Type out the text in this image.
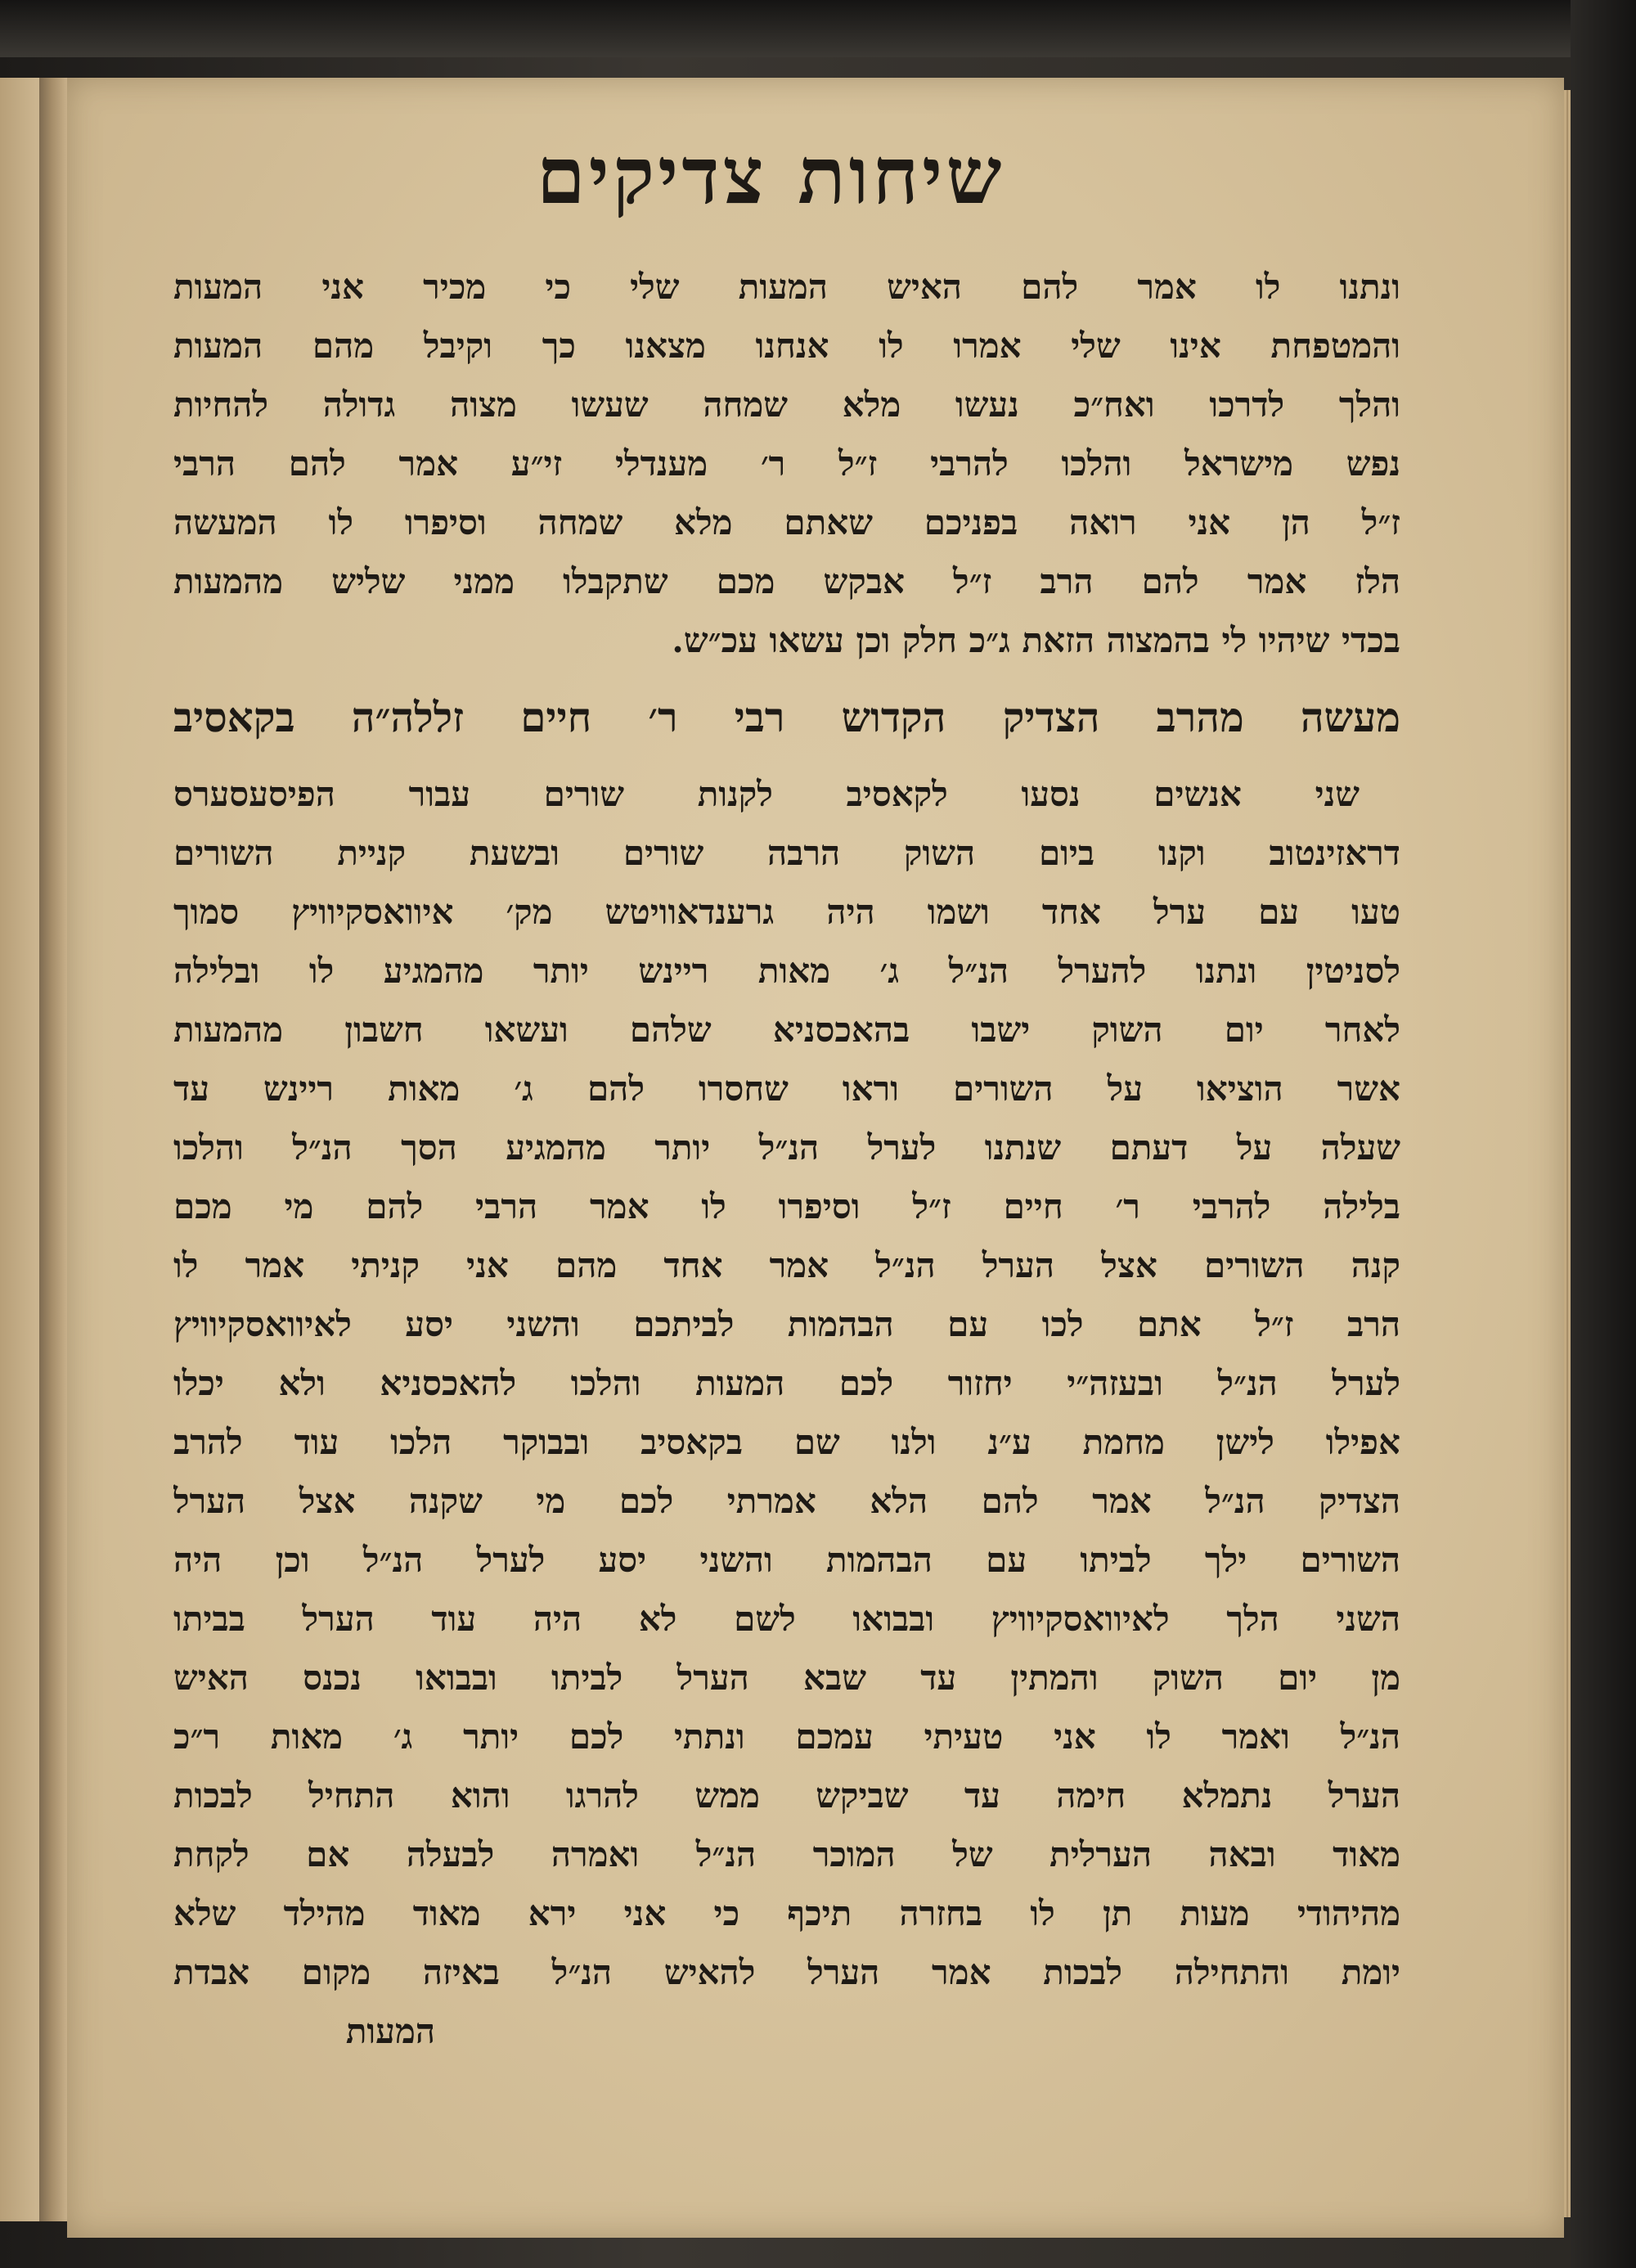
שיחות צדיקים
ונתנו לו אמר להם האיש המעות שלי כי מכיר אני המעות
והמטפחת אינו שלי אמרו לו אנחנו מצאנו כך וקיבל מהם המעות
והלך לדרכו ואח״כ נעשו מלא שמחה שעשו מצוה גדולה להחיות
נפש מישראל והלכו להרבי ז״ל ר׳ מענדלי זי״ע אמר להם הרבי
ז״ל הן אני רואה בפניכם שאתם מלא שמחה וסיפרו לו המעשה
הלז אמר להם הרב ז״ל אבקש מכם שתקבלו ממני שליש מהמעות
בכדי שיהיו לי בהמצוה הזאת ג״כ חלק וכן עשאו עכ״ש.
מעשה מהרב הצדיק הקדוש רבי ר׳ חיים זללה״ה בקאסיב
שני אנשים נסעו לקאסיב לקנות שורים עבור הפיסעסערס
דראזינטוב וקנו ביום השוק הרבה שורים ובשעת קניית השורים
טעו עם ערל אחד ושמו היה גרענדאוויטש מק׳ איוואסקיוויץ סמוך
לסניטין ונתנו להערל הנ״ל ג׳ מאות ריינש יותר מהמגיע לו ובלילה
לאחר יום השוק ישבו בהאכסניא שלהם ועשאו חשבון מהמעות
אשר הוציאו על השורים וראו שחסרו להם ג׳ מאות ריינש עד
שעלה על דעתם שנתנו לערל הנ״ל יותר מהמגיע הסך הנ״ל והלכו
בלילה להרבי ר׳ חיים ז״ל וסיפרו לו אמר הרבי להם מי מכם
קנה השורים אצל הערל הנ״ל אמר אחד מהם אני קניתי אמר לו
הרב ז״ל אתם לכו עם הבהמות לביתכם והשני יסע לאיוואסקיוויץ
לערל הנ״ל ובעזה״י יחזור לכם המעות והלכו להאכסניא ולא יכלו
אפילו לישן מחמת ע״נ ולנו שם בקאסיב ובבוקר הלכו עוד להרב
הצדיק הנ״ל אמר להם הלא אמרתי לכם מי שקנה אצל הערל
השורים ילך לביתו עם הבהמות והשני יסע לערל הנ״ל וכן היה
השני הלך לאיוואסקיוויץ ובבואו לשם לא היה עוד הערל בביתו
מן יום השוק והמתין עד שבא הערל לביתו ובבואו נכנס האיש
הנ״ל ואמר לו אני טעיתי עמכם ונתתי לכם יותר ג׳ מאות ר״כ
הערל נתמלא חימה עד שביקש ממש להרגו והוא התחיל לבכות
מאוד ובאה הערלית של המוכר הנ״ל ואמרה לבעלה אם לקחת
מהיהודי מעות תן לו בחזרה תיכף כי אני ירא מאוד מהילד שלא
יומת והתחילה לבכות אמר הערל להאיש הנ״ל באיזה מקום אבדת
המעות
